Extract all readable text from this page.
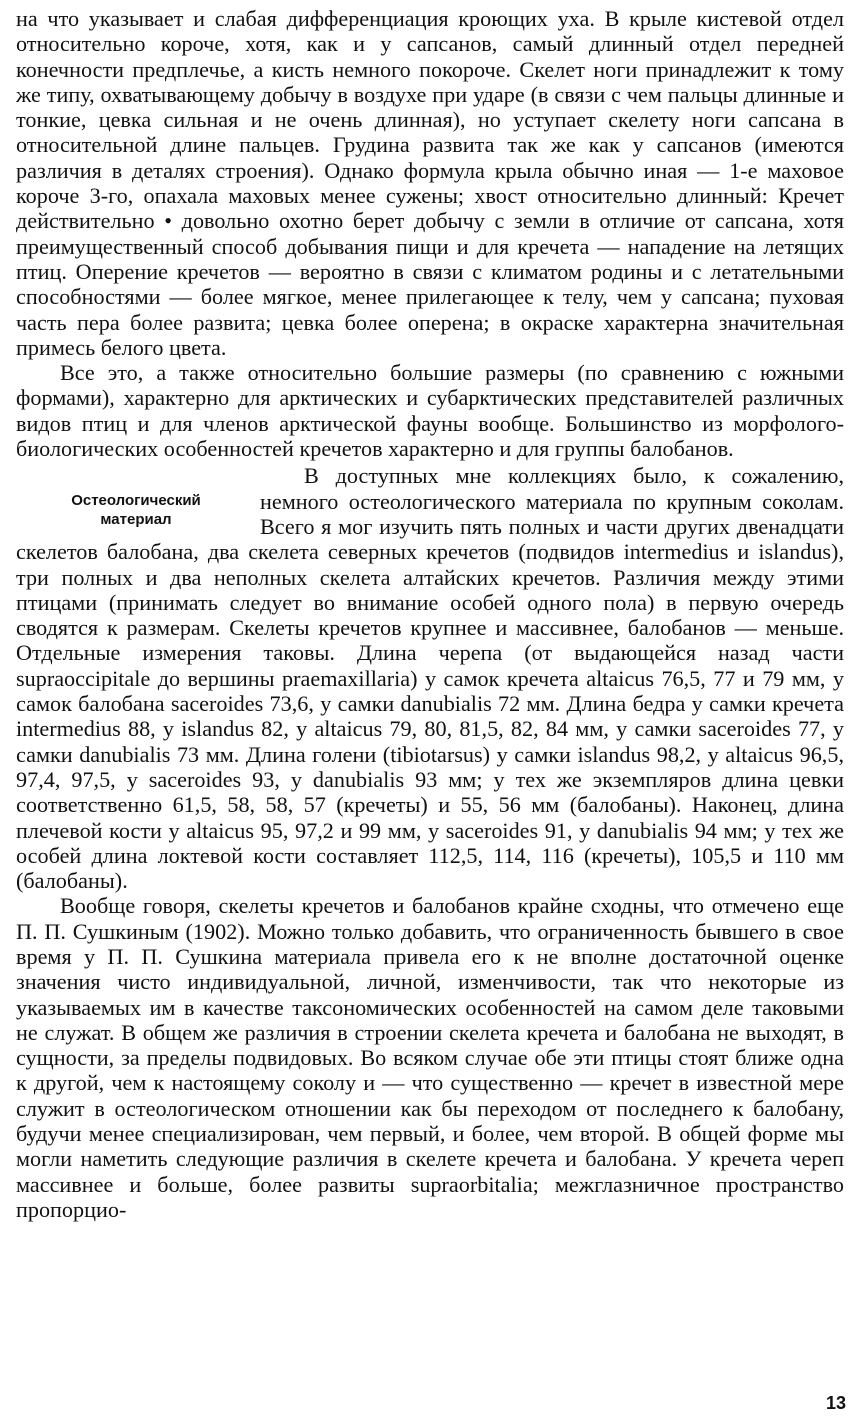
на что указывает и слабая дифференциация кроющих уха. В крыле кистевой отдел относительно короче, хотя, как и у сапсанов, самый длинный отдел передней конечности предплечье, а кисть немного покороче. Скелет ноги принадлежит к тому же типу, охватывающему добычу в воздухе при ударе (в связи с чем пальцы длинные и тонкие, цевка сильная и не очень длинная), но уступает скелету ноги сапсана в относительной длине пальцев. Грудина развита так же как у сапсанов (имеются различия в деталях строения). Однако формула крыла обычно иная — 1-е маховое короче 3-го, опахала маховых менее сужены; хвост относительно длинный: Кречет действительно • довольно охотно берет добычу с земли в отличие от сапсана, хотя преимущественный способ добывания пищи и для кречета — нападение на летящих птиц. Оперение кречетов — вероятно в связи с климатом родины и с летательными способностями — более мягкое, менее прилегающее к телу, чем у сапсана; пуховая часть пера более развита; цевка более оперена; в окраске характерна значительная примесь белого цвета.

Все это, а также относительно большие размеры (по сравнению с южными формами), характерно для арктических и субарктических представителей различных видов птиц и для членов арктической фауны вообще. Большинство из морфолого-биологических особенностей кречетов характерно и для группы балобанов.

Остеологический материал

В доступных мне коллекциях было, к сожалению, немного остеологического материала по крупным соколам. Всего я мог изучить пять полных и части других двенадцати скелетов балобана, два скелета северных кречетов (подвидов intermedius и islandus), три полных и два неполных скелета алтайских кречетов. Различия между этими птицами (принимать следует во внимание особей одного пола) в первую очередь сводятся к размерам. Скелеты кречетов крупнее и массивнее, балобанов — меньше. Отдельные измерения таковы. Длина черепа (от выдающейся назад части supraoccipitale до вершины praemaxillaria) у самок кречета altaicus 76,5, 77 и 79 мм, у самок балобана saceroides 73,6, у самки danubialis 72 мм. Длина бедра у самки кречета intermedius 88, у islandus 82, у altaicus 79, 80, 81,5, 82, 84 мм, у самки saceroides 77, у самки danubialis 73 мм. Длина голени (tibiotarsus) у самки islandus 98,2, у altaicus 96,5, 97,4, 97,5, у saceroides 93, у danubialis 93 мм; у тех же экземпляров длина цевки соответственно 61,5, 58, 58, 57 (кречеты) и 55, 56 мм (балобаны). Наконец, длина плечевой кости у altaicus 95, 97,2 и 99 мм, у saceroides 91, у danubialis 94 мм; у тех же особей длина локтевой кости составляет 112,5, 114, 116 (кречеты), 105,5 и 110 мм (балобаны).

Вообще говоря, скелеты кречетов и балобанов крайне сходны, что отмечено еще П. П. Сушкиным (1902). Можно только добавить, что ограниченность бывшего в свое время у П. П. Сушкина материала привела его к не вполне достаточной оценке значения чисто индивидуальной, личной, изменчивости, так что некоторые из указываемых им в качестве таксономических особенностей на самом деле таковыми не служат. В общем же различия в строении скелета кречета и балобана не выходят, в сущности, за пределы подвидовых. Во всяком случае обе эти птицы стоят ближе одна к другой, чем к настоящему соколу и — что существенно — кречет в известной мере служит в остеологическом отношении как бы переходом от последнего к балобану, будучи менее специализирован, чем первый, и более, чем второй. В общей форме мы могли наметить следующие различия в скелете кречета и балобана. У кречета череп массивнее и больше, более развиты supraorbitalia; межглазничное пространство пропорцио-

13
